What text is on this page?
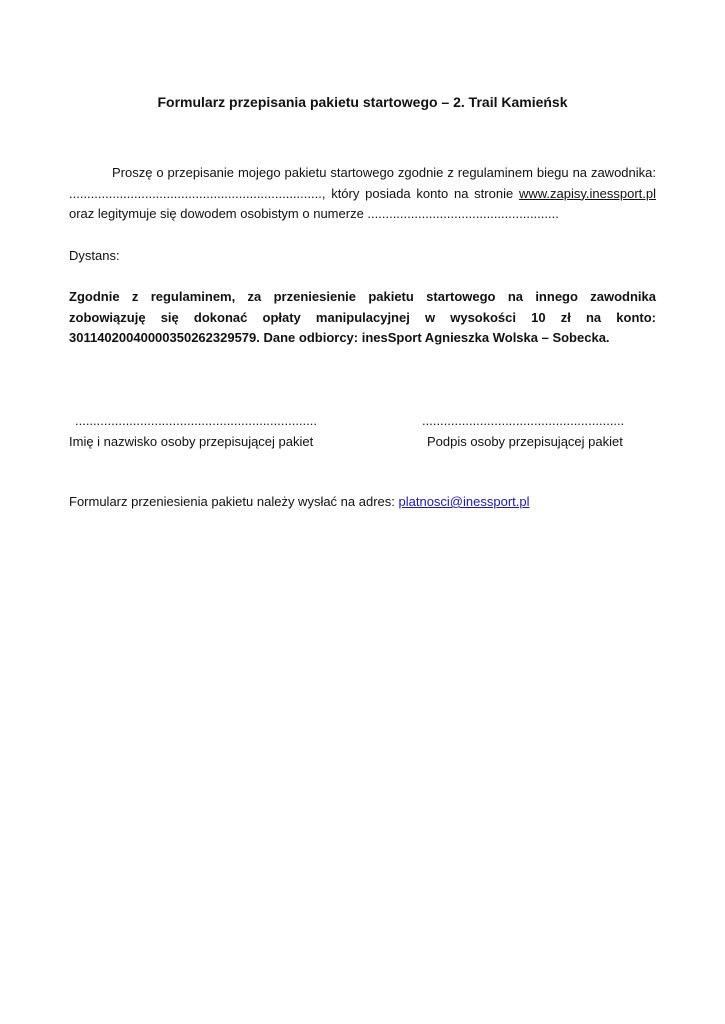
Formularz przepisania pakietu startowego – 2. Trail Kamieńsk
Proszę o przepisanie mojego pakietu startowego zgodnie z regulaminem biegu na zawodnika: ......................................................................, który posiada konto na stronie www.zapisy.inessport.pl oraz legitymuje się dowodem osobistym o numerze .....................................................
Dystans:
Zgodnie z regulaminem, za przeniesienie pakietu startowego na innego zawodnika zobowiązuję się dokonać opłaty manipulacyjnej w wysokości 10 zł na konto: 30114020040000350262329579. Dane odbiorcy: inesSport Agnieszka Wolska – Sobecka.
...................................................................
Imię i nazwisko osoby przepisującej pakiet
........................................................
Podpis osoby przepisującej pakiet
Formularz przeniesienia pakietu należy wysłać na adres: platnosci@inessport.pl
